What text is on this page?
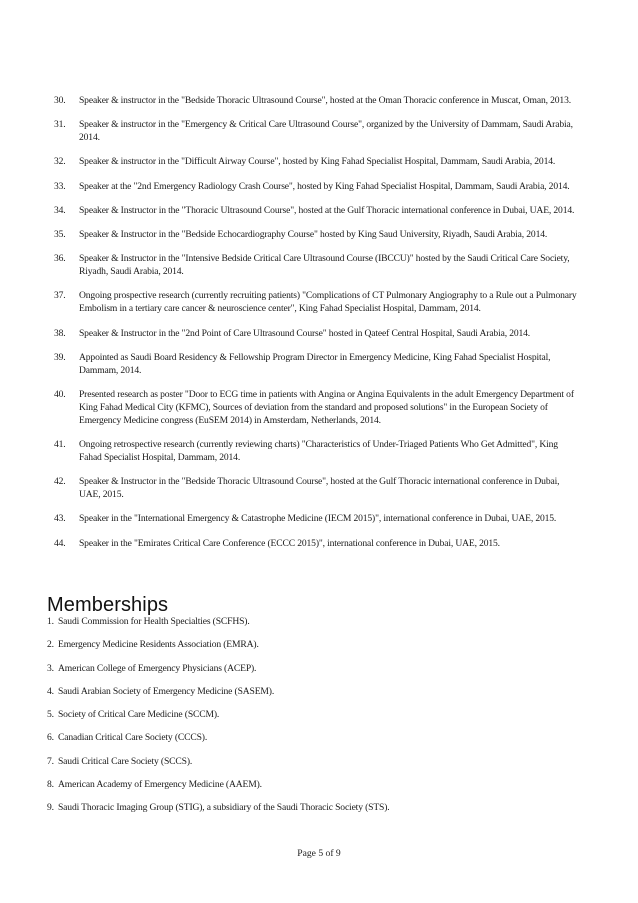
30.	Speaker & instructor in the "Bedside Thoracic Ultrasound Course", hosted at the Oman Thoracic conference in Muscat, Oman, 2013.
31.	Speaker & instructor in the "Emergency & Critical Care Ultrasound Course", organized by the University of Dammam, Saudi Arabia, 2014.
32.	Speaker & instructor in the "Difficult Airway Course", hosted by King Fahad Specialist Hospital, Dammam, Saudi Arabia, 2014.
33.	Speaker at the "2nd Emergency Radiology Crash Course", hosted by King Fahad Specialist Hospital, Dammam, Saudi Arabia, 2014.
34.	Speaker & Instructor in the "Thoracic Ultrasound Course", hosted at the Gulf Thoracic international conference in Dubai, UAE, 2014.
35.	Speaker & Instructor in the "Bedside Echocardiography Course" hosted by King Saud University, Riyadh, Saudi Arabia, 2014.
36.	Speaker & Instructor in the "Intensive Bedside Critical Care Ultrasound Course (IBCCU)" hosted by the Saudi Critical Care Society, Riyadh, Saudi Arabia, 2014.
37.	Ongoing prospective research (currently recruiting patients) "Complications of CT Pulmonary Angiography to a Rule out a Pulmonary Embolism in a tertiary care cancer & neuroscience center", King Fahad Specialist Hospital, Dammam, 2014.
38.	Speaker & Instructor in the "2nd Point of Care Ultrasound Course" hosted in Qateef Central Hospital, Saudi Arabia, 2014.
39.	Appointed as Saudi Board Residency & Fellowship Program Director in Emergency Medicine, King Fahad Specialist Hospital, Dammam, 2014.
40.	Presented research as poster "Door to ECG time in patients with Angina or Angina Equivalents in the adult Emergency Department of King Fahad Medical City (KFMC), Sources of deviation from the standard and proposed solutions" in the European Society of Emergency Medicine congress (EuSEM 2014) in Amsterdam, Netherlands, 2014.
41.	Ongoing retrospective research (currently reviewing charts) "Characteristics of Under-Triaged Patients Who Get Admitted", King Fahad Specialist Hospital, Dammam, 2014.
42.	Speaker & Instructor in the "Bedside Thoracic Ultrasound Course", hosted at the Gulf Thoracic international conference in Dubai, UAE, 2015.
43.	Speaker in the "International Emergency & Catastrophe Medicine (IECM 2015)", international conference in Dubai, UAE, 2015.
44.	Speaker in the "Emirates Critical Care Conference (ECCC 2015)", international conference in Dubai, UAE, 2015.
Memberships
1. Saudi Commission for Health Specialties (SCFHS).
2. Emergency Medicine Residents Association (EMRA).
3. American College of Emergency Physicians (ACEP).
4. Saudi Arabian Society of Emergency Medicine (SASEM).
5. Society of Critical Care Medicine (SCCM).
6. Canadian Critical Care Society (CCCS).
7. Saudi Critical Care Society (SCCS).
8. American Academy of Emergency Medicine (AAEM).
9. Saudi Thoracic Imaging Group (STIG), a subsidiary of the Saudi Thoracic Society (STS).
Page 5 of 9
